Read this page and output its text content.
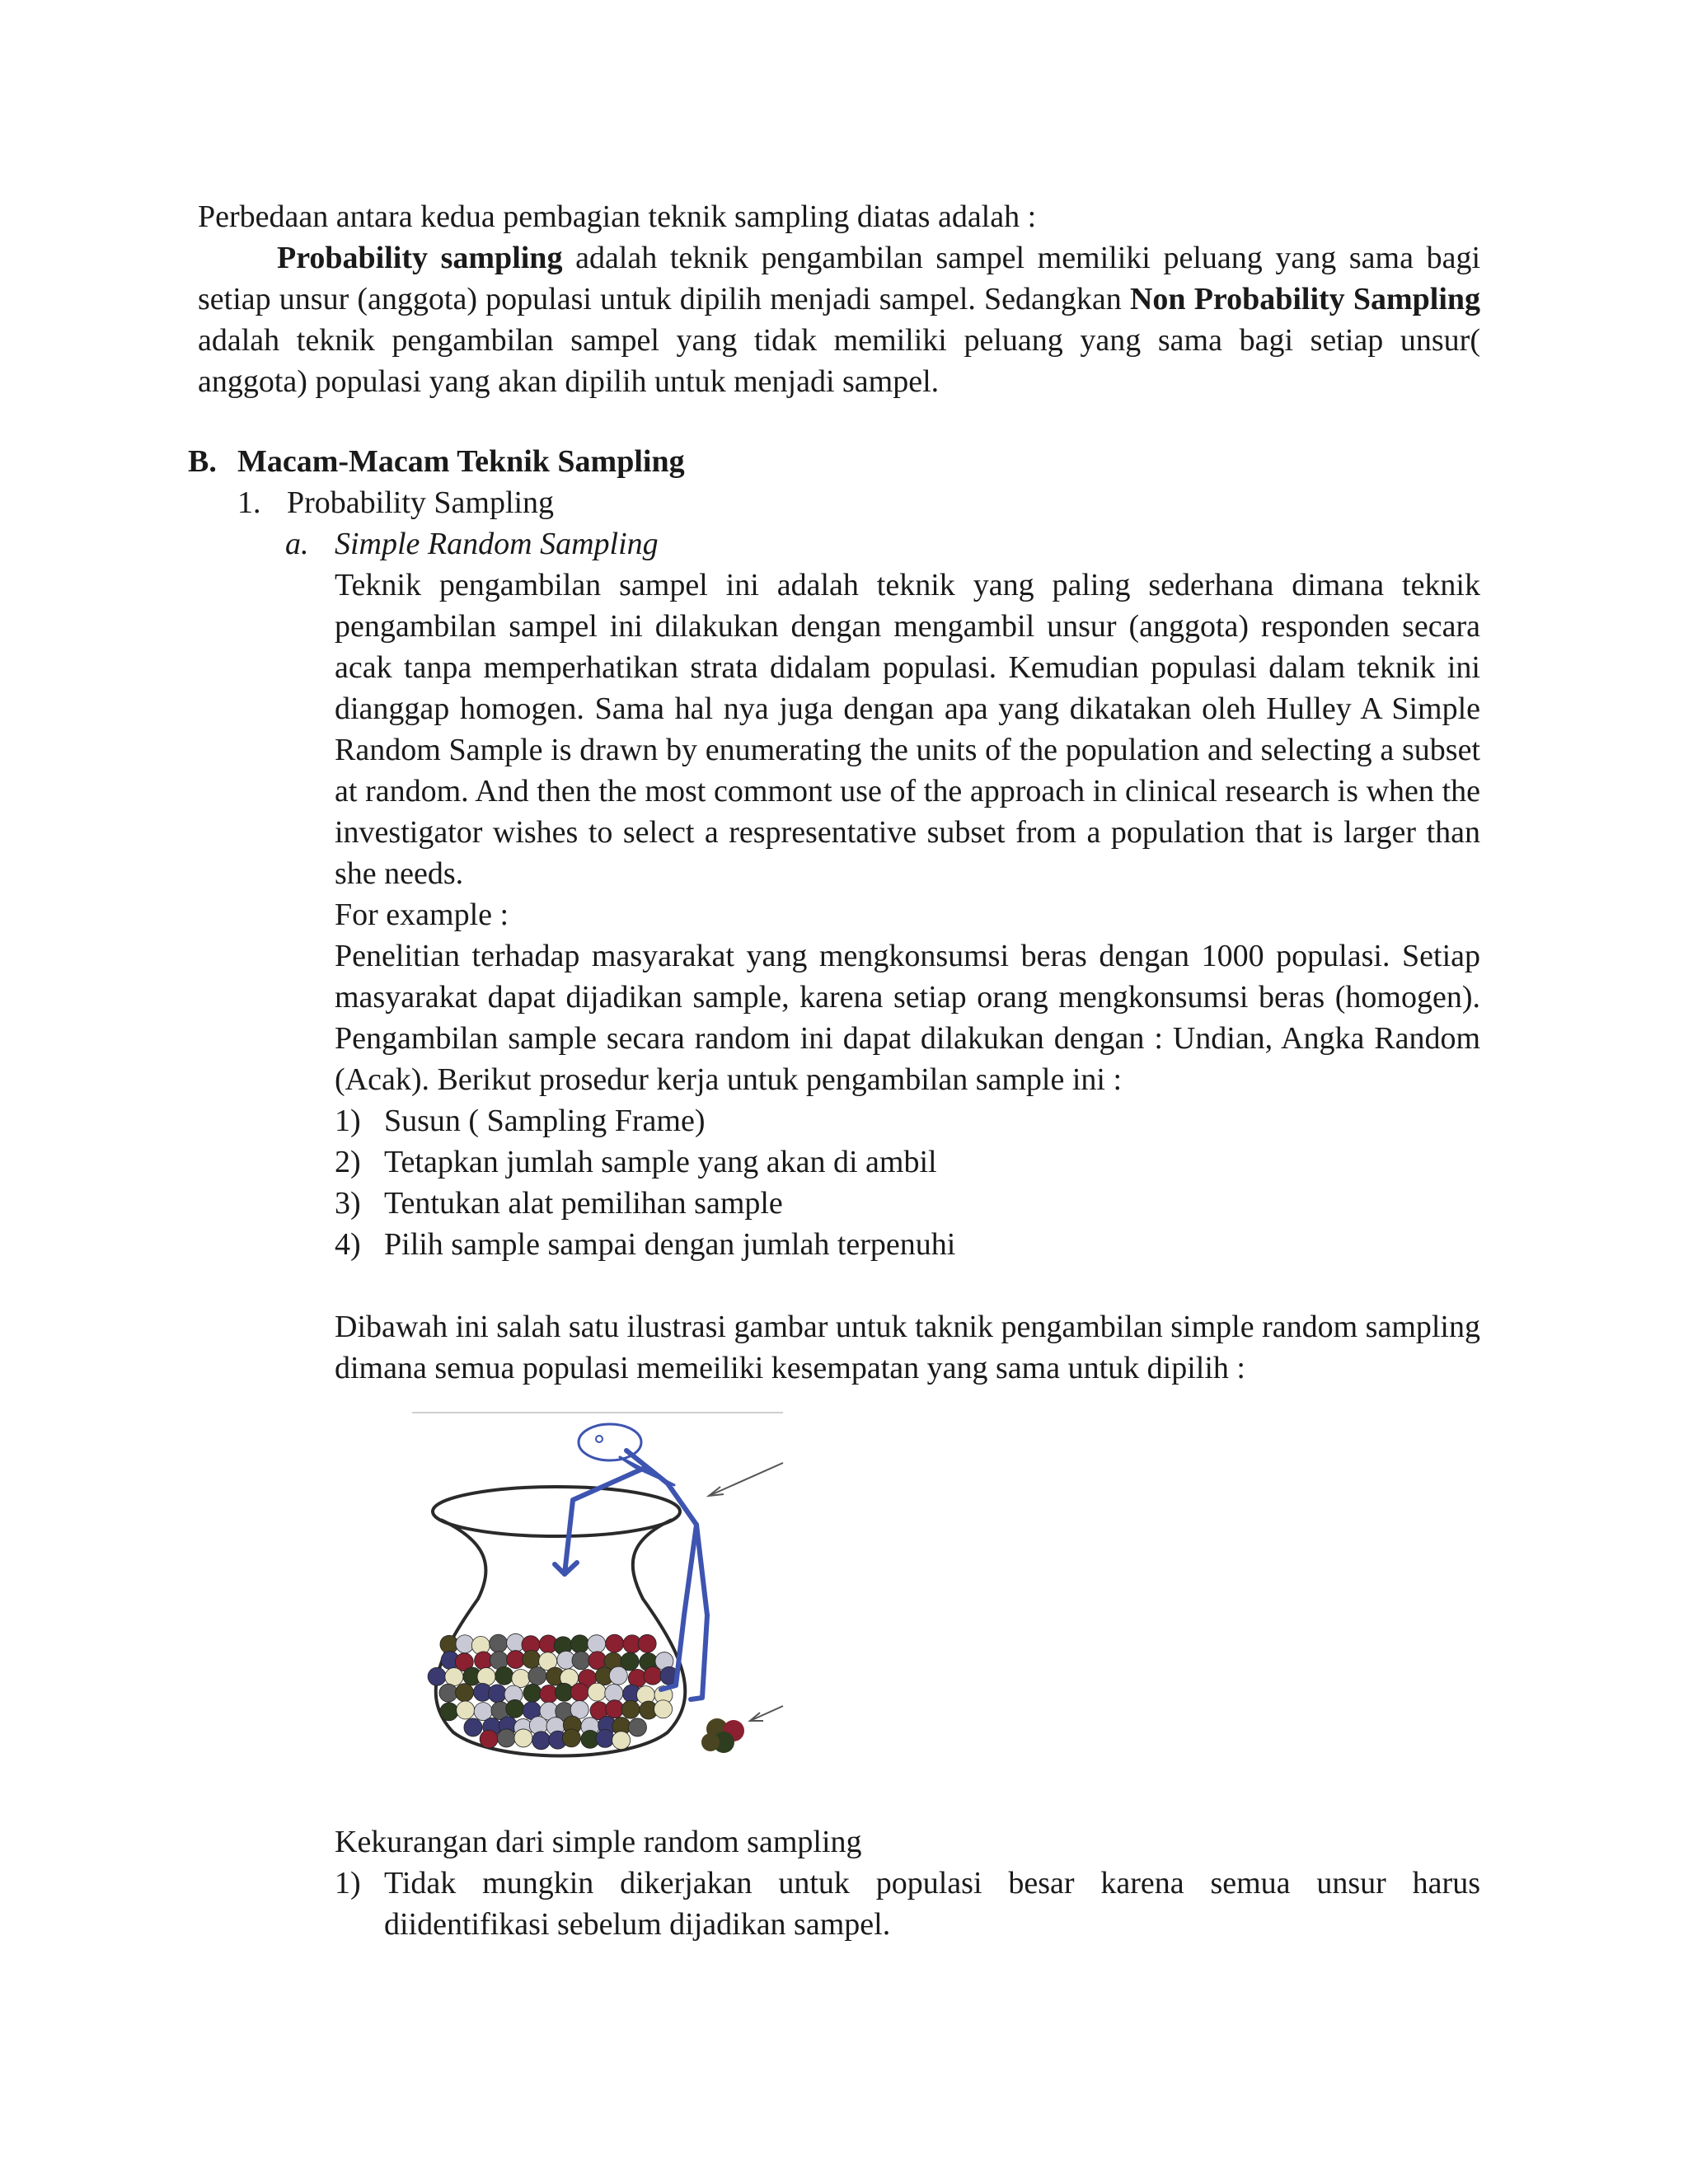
Perbedaan antara kedua pembagian teknik sampling diatas adalah :
Probability sampling adalah teknik pengambilan sampel memiliki peluang yang sama bagi setiap unsur (anggota) populasi untuk dipilih menjadi sampel. Sedangkan Non Probability Sampling adalah teknik pengambilan sampel yang tidak memiliki peluang yang sama bagi setiap unsur( anggota) populasi yang akan dipilih untuk menjadi sampel.
B. Macam-Macam Teknik Sampling
1. Probability Sampling
a. Simple Random Sampling
Teknik pengambilan sampel ini adalah teknik yang paling sederhana dimana teknik pengambilan sampel ini dilakukan dengan mengambil unsur (anggota) responden secara acak tanpa memperhatikan strata didalam populasi. Kemudian populasi dalam teknik ini dianggap homogen. Sama hal nya juga dengan apa yang dikatakan oleh Hulley A Simple Random Sample is drawn by enumerating the units of the population and selecting a subset at random. And then the most commont use of the approach in clinical research is when the investigator wishes to select a respresentative subset from a population that is larger than she needs.
For example :
Penelitian terhadap masyarakat yang mengkonsumsi beras dengan 1000 populasi. Setiap masyarakat dapat dijadikan sample, karena setiap orang mengkonsumsi beras (homogen). Pengambilan sample secara random ini dapat dilakukan dengan : Undian, Angka Random (Acak). Berikut prosedur kerja untuk pengambilan sample ini :
1) Susun ( Sampling Frame)
2) Tetapkan jumlah sample yang akan di ambil
3) Tentukan alat pemilihan sample
4) Pilih sample sampai dengan jumlah terpenuhi
Dibawah ini salah satu ilustrasi gambar untuk taknik pengambilan simple random sampling dimana semua populasi memeiliki kesempatan yang sama untuk dipilih :
Kekurangan dari simple random sampling
1) Tidak mungkin dikerjakan untuk populasi besar karena semua unsur harus diidentifikasi sebelum dijadikan sampel.
